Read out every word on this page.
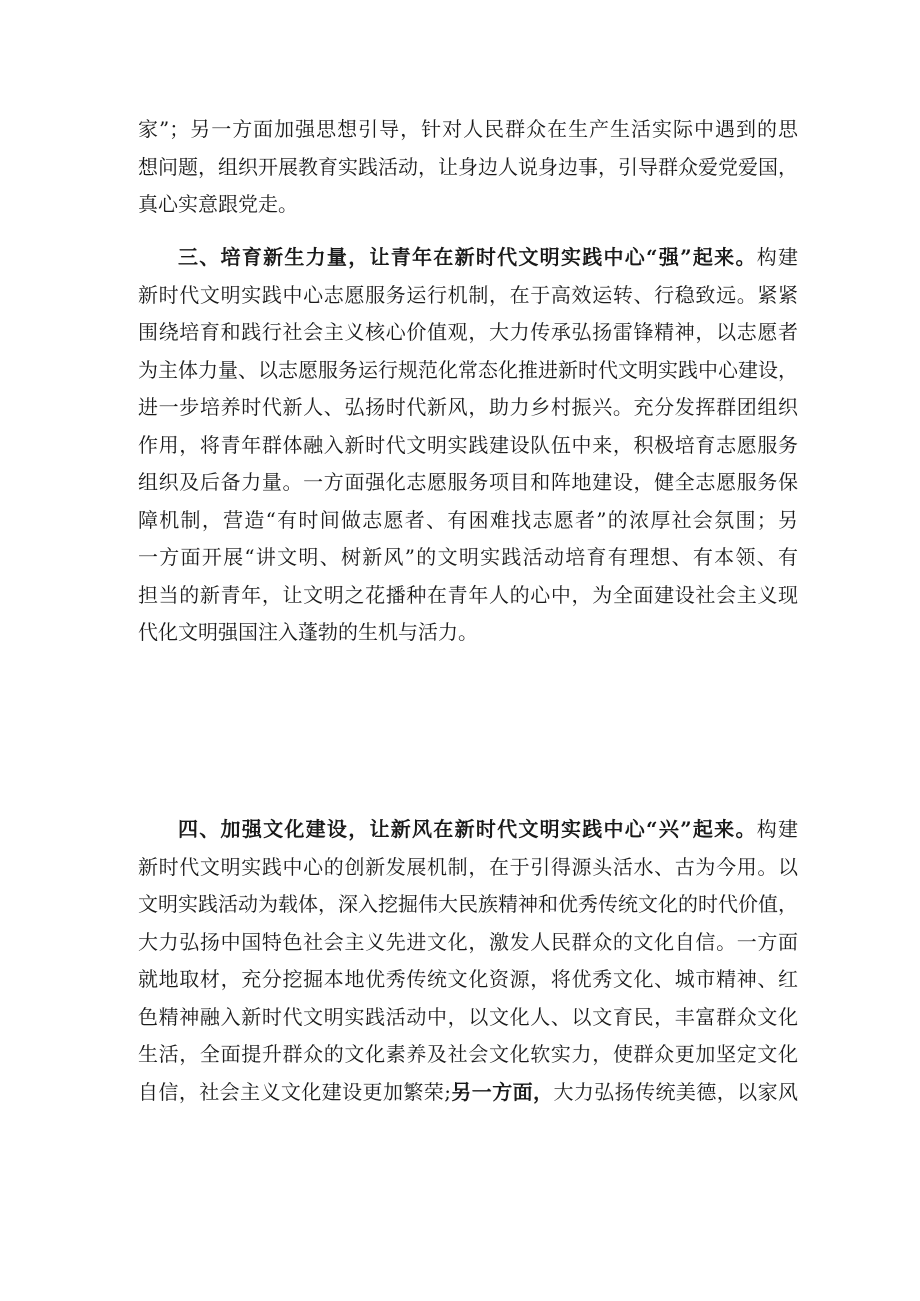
家”；另一方面加强思想引导，针对人民群众在生产生活实际中遇到的思
想问题，组织开展教育实践活动，让身边人说身边事，引导群众爱党爱国，
真心实意跟党走。
三、培育新生力量，让青年在新时代文明实践中心“强”起来。构建
新时代文明实践中心志愿服务运行机制，在于高效运转、行稳致远。紧紧
围绕培育和践行社会主义核心价值观，大力传承弘扬雷锋精神，以志愿者
为主体力量、以志愿服务运行规范化常态化推进新时代文明实践中心建设，
进一步培养时代新人、弘扬时代新风，助力乡村振兴。充分发挥群团组织
作用，将青年群体融入新时代文明实践建设队伍中来，积极培育志愿服务
组织及后备力量。一方面强化志愿服务项目和阵地建设，健全志愿服务保
障机制，营造“有时间做志愿者、有困难找志愿者”的浓厚社会氛围；另
一方面开展“讲文明、树新风”的文明实践活动培育有理想、有本领、有
担当的新青年，让文明之花播种在青年人的心中，为全面建设社会主义现
代化文明强国注入蓬勃的生机与活力。
四、加强文化建设，让新风在新时代文明实践中心“兴”起来。构建
新时代文明实践中心的创新发展机制，在于引得源头活水、古为今用。以
文明实践活动为载体，深入挖掘伟大民族精神和优秀传统文化的时代价值，
大力弘扬中国特色社会主义先进文化，激发人民群众的文化自信。一方面
就地取材，充分挖掘本地优秀传统文化资源，将优秀文化、城市精神、红
色精神融入新时代文明实践活动中，以文化人、以文育民，丰富群众文化
生活，全面提升群众的文化素养及社会文化软实力，使群众更加坚定文化
自信，社会主义文化建设更加繁荣;另一方面，大力弘扬传统美德，以家风
